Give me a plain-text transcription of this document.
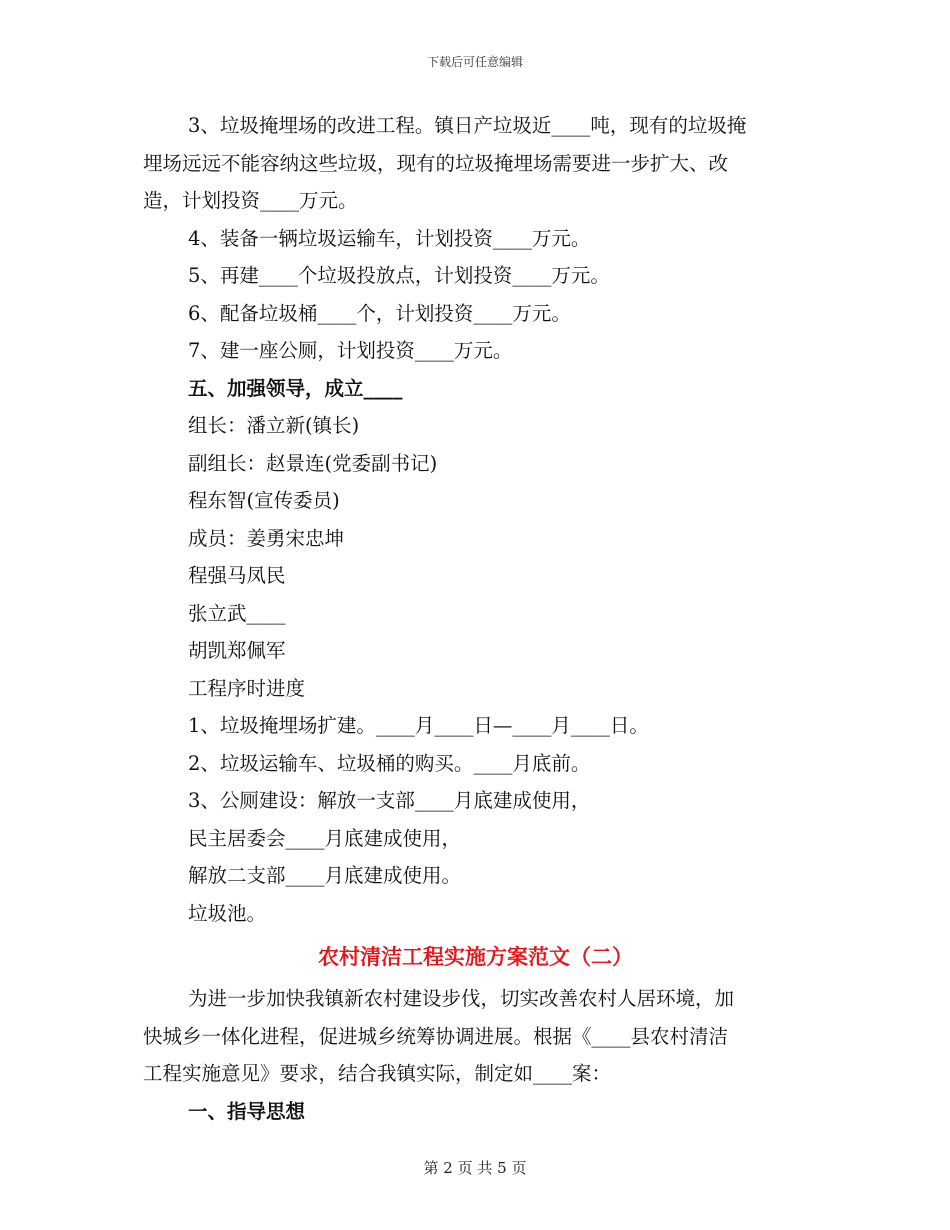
下载后可任意编辑
3、垃圾掩埋场的改进工程。镇日产垃圾近____吨，现有的垃圾掩
埋场远远不能容纳这些垃圾，现有的垃圾掩埋场需要进一步扩大、改
造，计划投资____万元。
4、装备一辆垃圾运输车，计划投资____万元。
5、再建____个垃圾投放点，计划投资____万元。
6、配备垃圾桶____个，计划投资____万元。
7、建一座公厕，计划投资____万元。
五、加强领导，成立____
组长：潘立新(镇长)
副组长：赵景连(党委副书记)
程东智(宣传委员)
成员：姜勇宋忠坤
程强马凤民
张立武____
胡凯郑佩军
工程序时进度
1、垃圾掩埋场扩建。____月____日—____月____日。
2、垃圾运输车、垃圾桶的购买。____月底前。
3、公厕建设：解放一支部____月底建成使用，
民主居委会____月底建成使用，
解放二支部____月底建成使用。
垃圾池。
农村清洁工程实施方案范文（二）
为进一步加快我镇新农村建设步伐，切实改善农村人居环境，加
快城乡一体化进程，促进城乡统筹协调进展。根据《____县农村清洁
工程实施意见》要求，结合我镇实际，制定如____案：
一、指导思想
第 2 页 共 5 页
